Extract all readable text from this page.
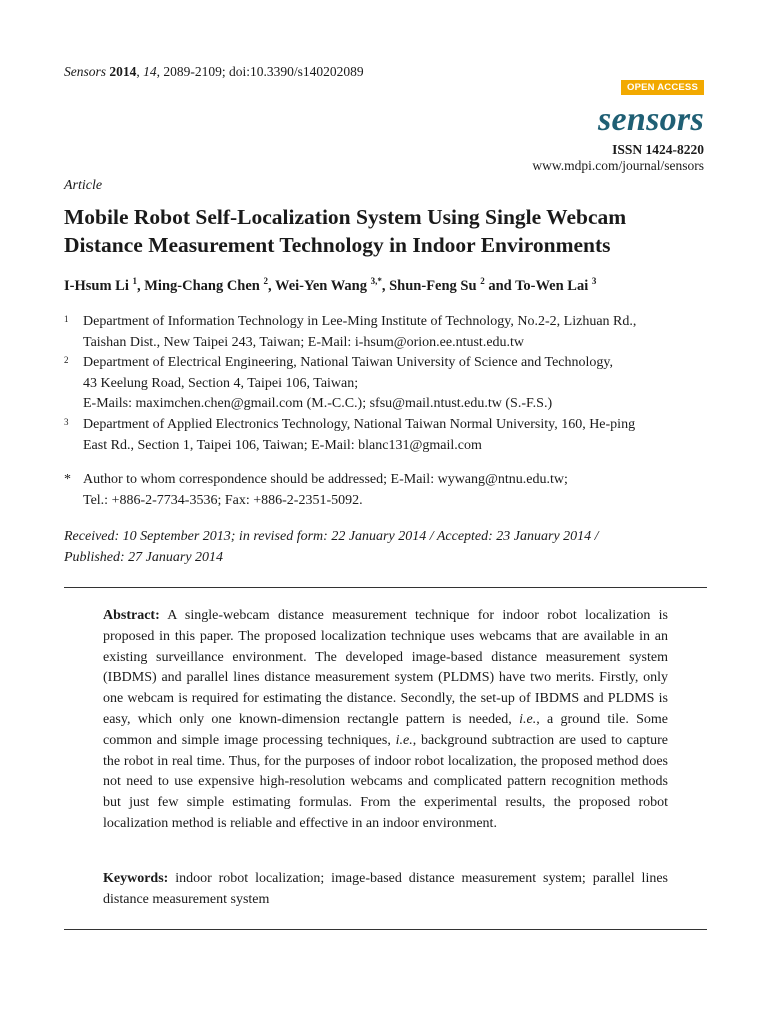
Sensors 2014, 14, 2089-2109; doi:10.3390/s140202089
OPEN ACCESS
sensors
ISSN 1424-8220
www.mdpi.com/journal/sensors
Article
Mobile Robot Self-Localization System Using Single Webcam
Distance Measurement Technology in Indoor Environments
I-Hsum Li $^1$, Ming-Chang Chen $^2$, Wei-Yen Wang $^{3,*}$, Shun-Feng Su $^2$ and To-Wen Lai $^3$
1 Department of Information Technology in Lee-Ming Institute of Technology, No.2-2, Lizhuan Rd.,
Taishan Dist., New Taipei 243, Taiwan; E-Mail: i-hsum@orion.ee.ntust.edu.tw
2 Department of Electrical Engineering, National Taiwan University of Science and Technology,
43 Keelung Road, Section 4, Taipei 106, Taiwan;
E-Mails: maximchen.chen@gmail.com (M.-C.C.); sfsu@mail.ntust.edu.tw (S.-F.S.)
3 Department of Applied Electronics Technology, National Taiwan Normal University, 160, He-ping
East Rd., Section 1, Taipei 106, Taiwan; E-Mail: blanc131@gmail.com
* Author to whom correspondence should be addressed; E-Mail: wywang@ntnu.edu.tw;
Tel.: +886-2-7734-3536; Fax: +886-2-2351-5092.
Received: 10 September 2013; in revised form: 22 January 2014 / Accepted: 23 January 2014 /
Published: 27 January 2014

Abstract: A single-webcam distance measurement technique for indoor robot localization is proposed in this paper. The proposed localization technique uses webcams that are available in an existing surveillance environment. The developed image-based distance measurement system (IBDMS) and parallel lines distance measurement system (PLDMS) have two merits. Firstly, only one webcam is required for estimating the distance. Secondly, the set-up of IBDMS and PLDMS is easy, which only one known-dimension rectangle pattern is needed, i.e., a ground tile. Some common and simple image processing techniques, i.e., background subtraction are used to capture the robot in real time. Thus, for the purposes of indoor robot localization, the proposed method does not need to use expensive high-resolution webcams and complicated pattern recognition methods but just few simple estimating formulas. From the experimental results, the proposed robot localization method is reliable and effective in an indoor environment.

Keywords: indoor robot localization; image-based distance measurement system; parallel lines distance measurement system
